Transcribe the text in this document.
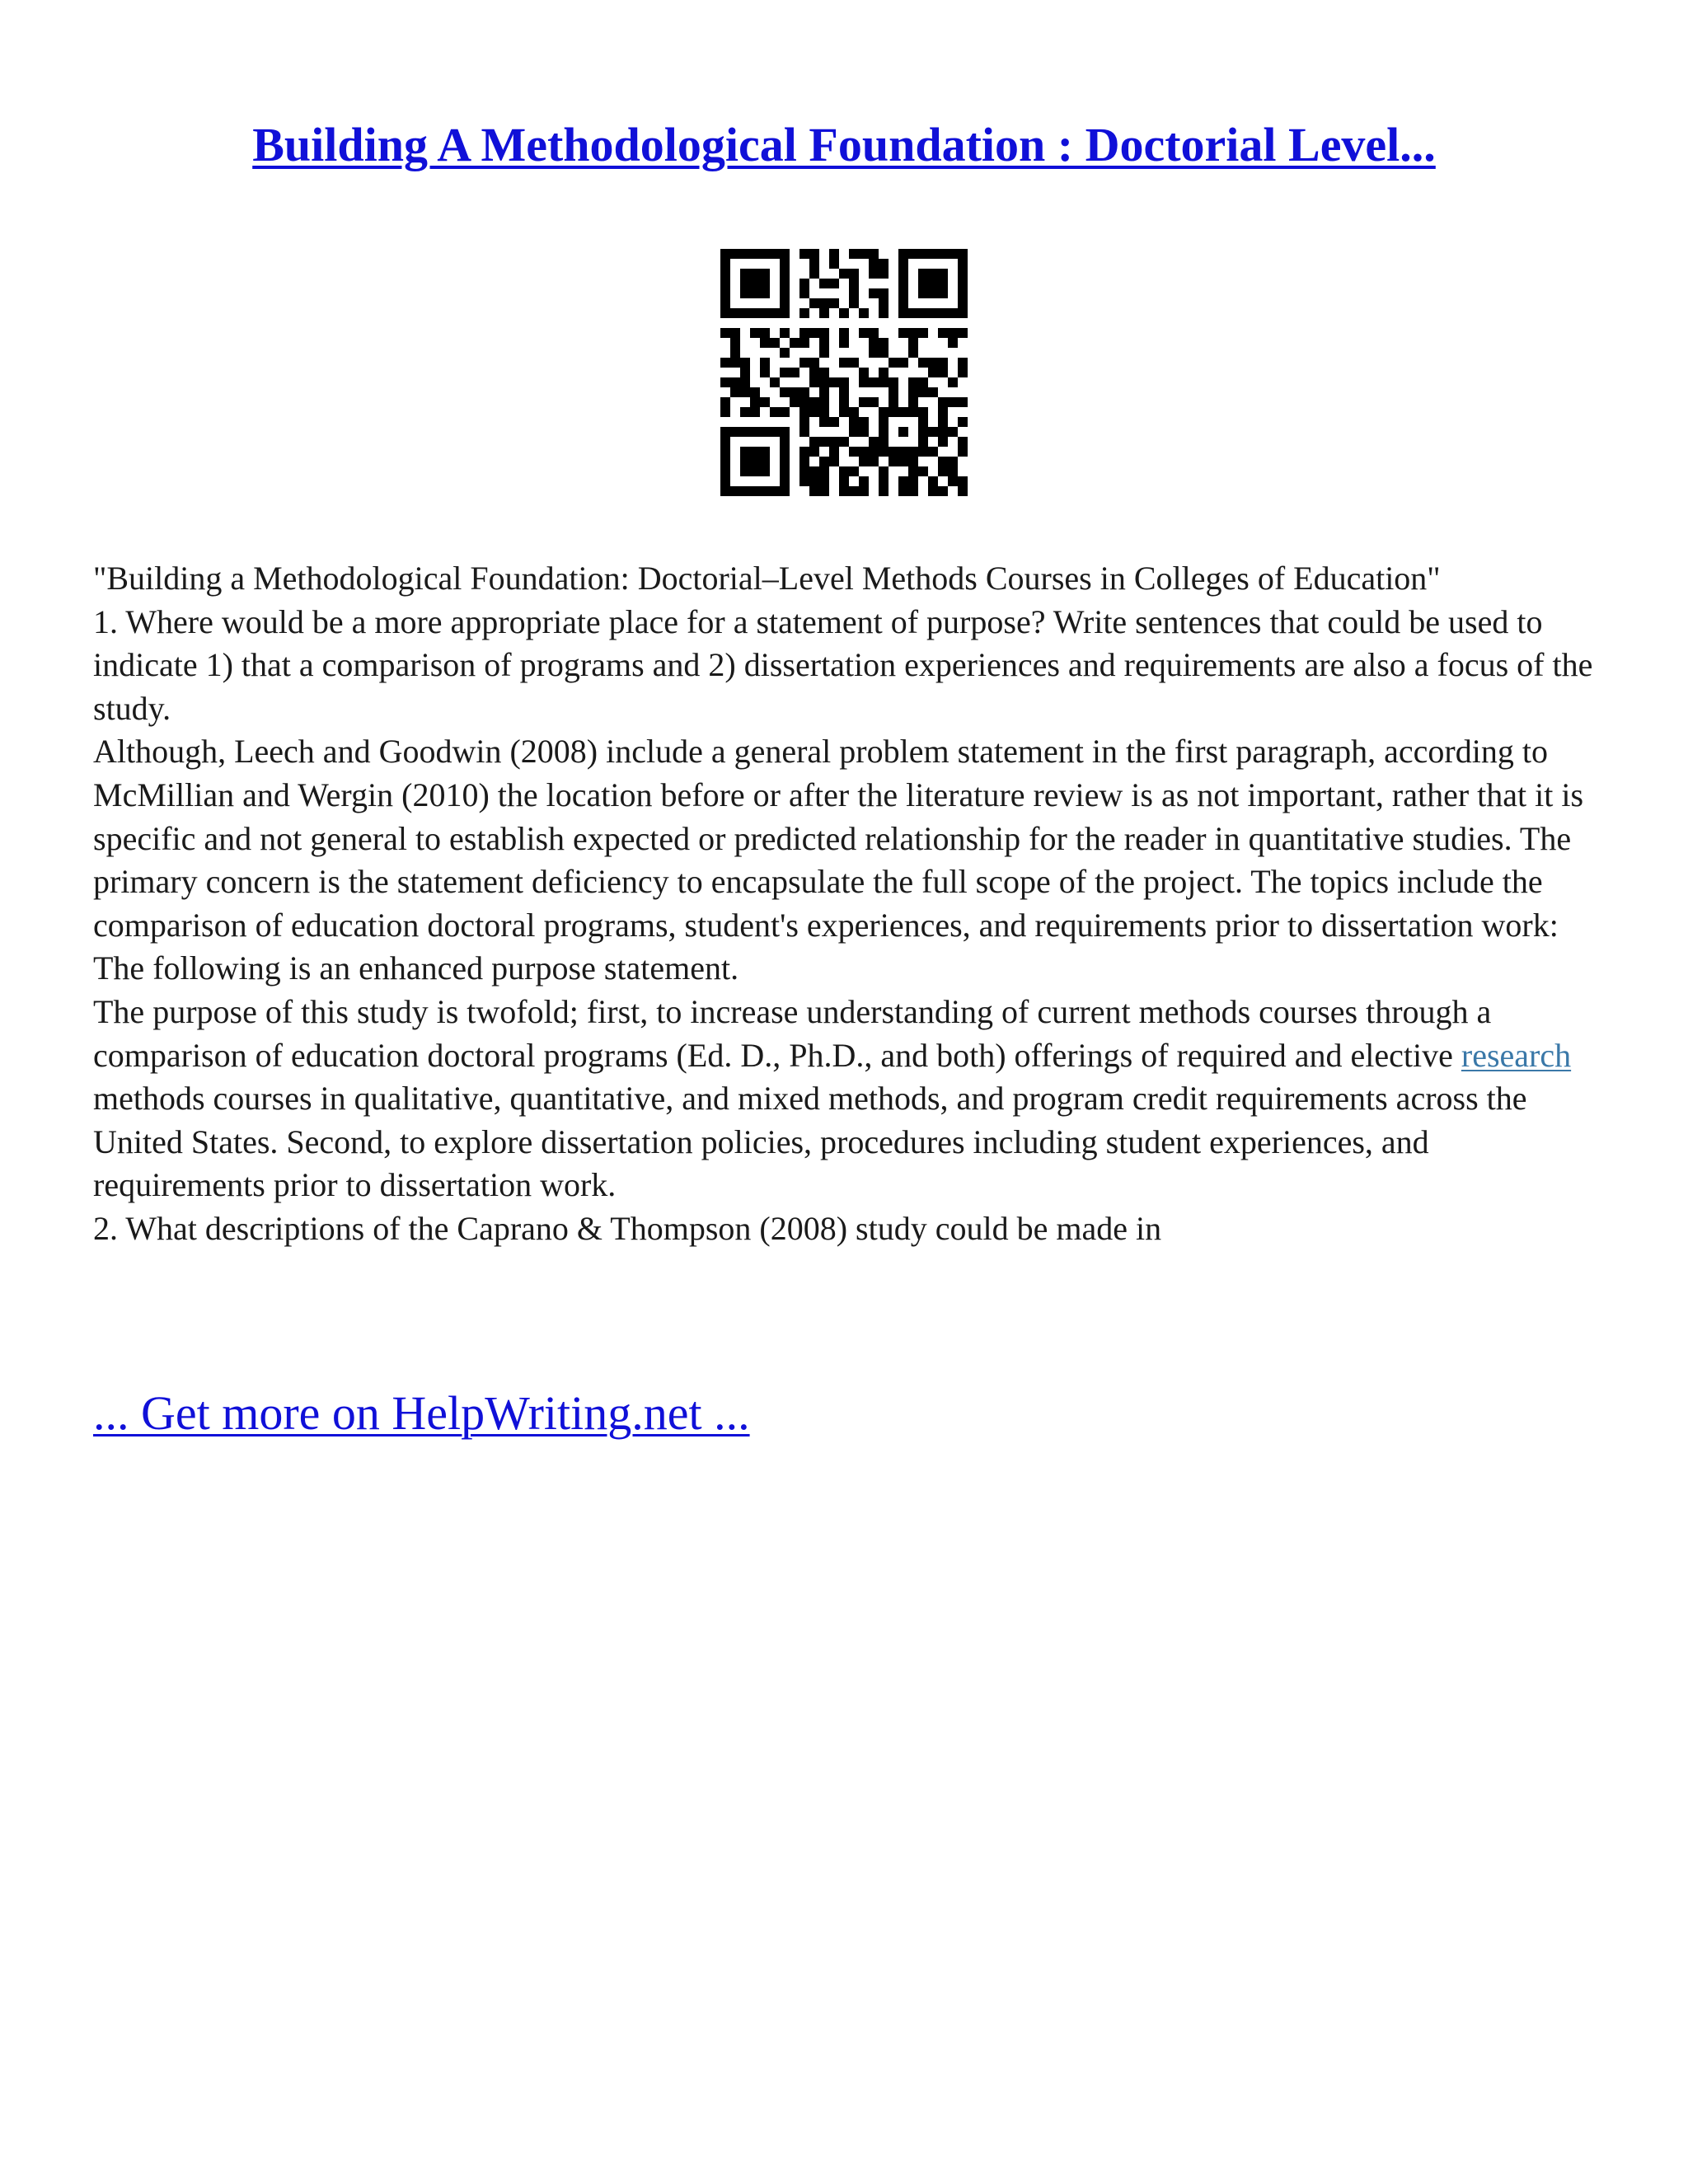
Building A Methodological Foundation : Doctorial Level...

"Building a Methodological Foundation: Doctorial–Level Methods Courses in Colleges of Education"

1. Where would be a more appropriate place for a statement of purpose? Write sentences that could be used to indicate 1) that a comparison of programs and 2) dissertation experiences and requirements are also a focus of the study.

Although, Leech and Goodwin (2008) include a general problem statement in the first paragraph, according to McMillian and Wergin (2010) the location before or after the literature review is as not important, rather that it is specific and not general to establish expected or predicted relationship for the reader in quantitative studies. The primary concern is the statement deficiency to encapsulate the full scope of the project. The topics include the comparison of education doctoral programs, student's experiences, and requirements prior to dissertation work: The following is an enhanced purpose statement.

The purpose of this study is twofold; first, to increase understanding of current methods courses through a comparison of education doctoral programs (Ed. D., Ph.D., and both) offerings of required and elective research methods courses in qualitative, quantitative, and mixed methods, and program credit requirements across the United States. Second, to explore dissertation policies, procedures including student experiences, and requirements prior to dissertation work.

2. What descriptions of the Caprano & Thompson (2008) study could be made in

... Get more on HelpWriting.net ...
